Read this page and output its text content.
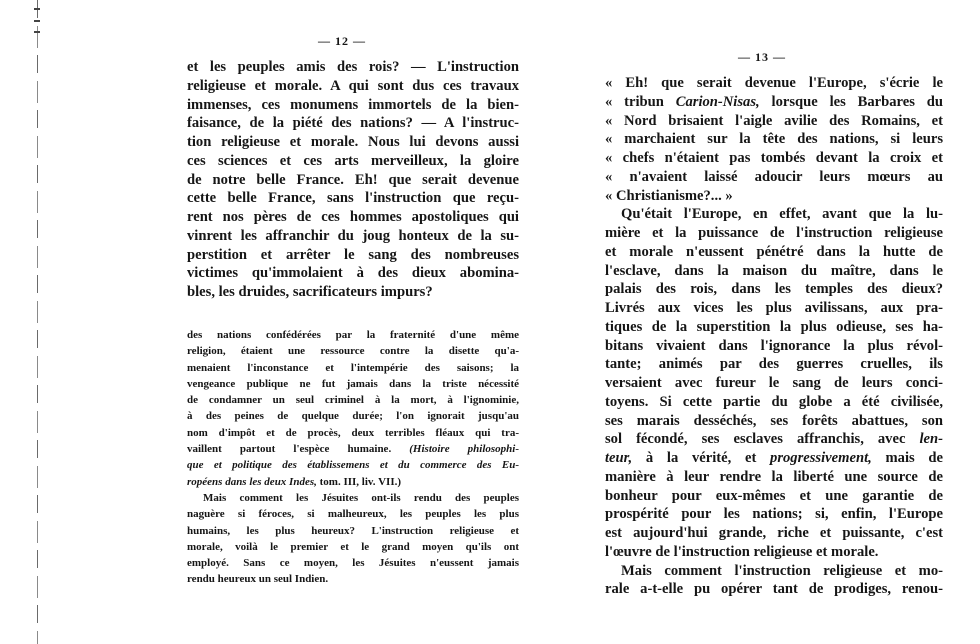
— 12 —
et les peuples amis des rois? — L'instruction
religieuse et morale. A qui sont dus ces travaux
immenses, ces monumens immortels de la bien-
faisance, de la piété des nations? — A l'instruc-
tion religieuse et morale. Nous lui devons aussi
ces sciences et ces arts merveilleux, la gloire
de notre belle France. Eh! que serait devenue
cette belle France, sans l'instruction que reçu-
rent nos pères de ces hommes apostoliques qui
vinrent les affranchir du joug honteux de la su-
perstition et arrêter le sang des nombreuses
victimes qu'immolaient à des dieux abomina-
bles, les druides, sacrificateurs impurs?
des nations confédérées par la fraternité d'une même
religion, étaient une ressource contre la disette qu'a-
menaient l'inconstance et l'intempérie des saisons; la
vengeance publique ne fut jamais dans la triste nécessité
de condamner un seul criminel à la mort, à l'ignominie,
à des peines de quelque durée; l'on ignorait jusqu'au
nom d'impôt et de procès, deux terribles fléaux qui tra-
vaillent partout l'espèce humaine. (Histoire philosophi-
que et politique des établissemens et du commerce des Eu-
ropéens dans les deux Indes, tom. III, liv. VII.)
Mais comment les Jésuites ont-ils rendu des peuples
naguère si féroces, si malheureux, les peuples les plus
humains, les plus heureux? L'instruction religieuse et
morale, voilà le premier et le grand moyen qu'ils ont
employé. Sans ce moyen, les Jésuites n'eussent jamais
rendu heureux un seul Indien.
— 13 —
« Eh! que serait devenue l'Europe, s'écrie le
« tribun Carion-Nisas, lorsque les Barbares du
« Nord brisaient l'aigle avilie des Romains, et
« marchaient sur la tête des nations, si leurs
« chefs n'étaient pas tombés devant la croix et
« n'avaient laissé adoucir leurs mœurs au
« Christianisme?... »
Qu'était l'Europe, en effet, avant que la lu-
mière et la puissance de l'instruction religieuse
et morale n'eussent pénétré dans la hutte de
l'esclave, dans la maison du maître, dans le
palais des rois, dans les temples des dieux?
Livrés aux vices les plus avilissans, aux pra-
tiques de la superstition la plus odieuse, ses ha-
bitans vivaient dans l'ignorance la plus révol-
tante; animés par des guerres cruelles, ils
versaient avec fureur le sang de leurs conci-
toyens. Si cette partie du globe a été civilisée,
ses marais desséchés, ses forêts abattues, son
sol fécondé, ses esclaves affranchis, avec len-
teur, à la vérité, et progressivement, mais de
manière à leur rendre la liberté une source de
bonheur pour eux-mêmes et une garantie de
prospérité pour les nations; si, enfin, l'Europe
est aujourd'hui grande, riche et puissante, c'est
l'œuvre de l'instruction religieuse et morale.
Mais comment l'instruction religieuse et mo-
rale a-t-elle pu opérer tant de prodiges, renou-
